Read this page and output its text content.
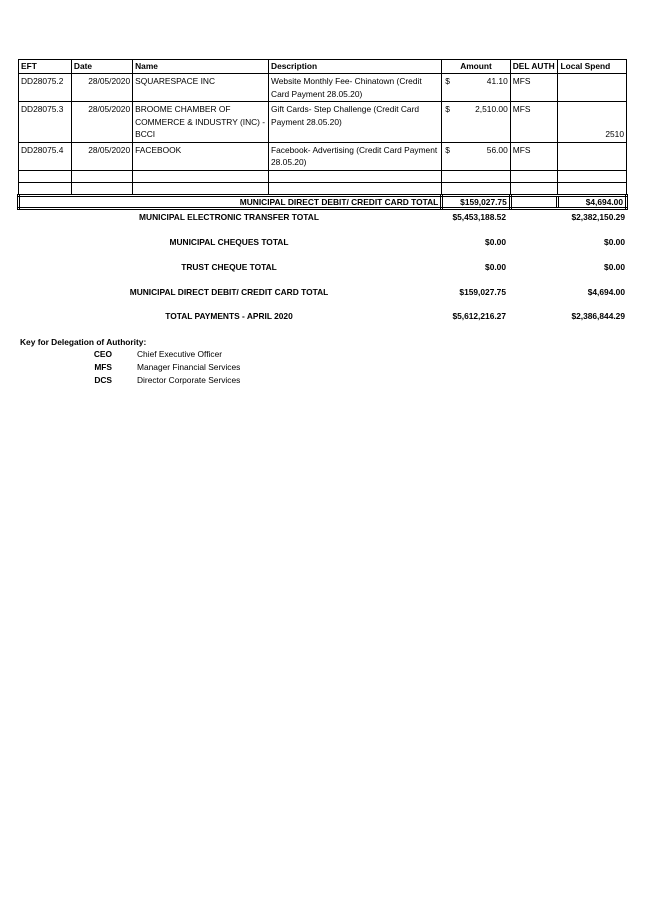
EFT	Date	Name	Description	Amount	DEL AUTH	Local Spend
DD28075.2	28/05/2020	SQUARESPACE INC	Website Monthly Fee- Chinatown (Credit Card Payment 28.05.20)	$ 41.10	MFS	
DD28075.3	28/05/2020	BROOME CHAMBER OF COMMERCE & INDUSTRY (INC) - BCCI	Gift Cards- Step Challenge (Credit Card Payment 28.05.20)	$ 2,510.00	MFS	2510
DD28075.4	28/05/2020	FACEBOOK	Facebook- Advertising (Credit Card Payment 28.05.20)	$ 56.00	MFS	

MUNICIPAL DIRECT DEBIT/ CREDIT CARD TOTAL				$159,027.75		$4,694.00
MUNICIPAL ELECTRONIC TRANSFER TOTAL	$5,453,188.52	$2,382,150.29
MUNICIPAL CHEQUES TOTAL	$0.00	$0.00
TRUST CHEQUE TOTAL	$0.00	$0.00
MUNICIPAL DIRECT DEBIT/ CREDIT CARD TOTAL	$159,027.75	$4,694.00
TOTAL PAYMENTS - APRIL 2020	$5,612,216.27	$2,386,844.29
Key for Delegation of Authority:
CEO	Chief Executive Officer
MFS	Manager Financial Services
DCS	Director Corporate Services
